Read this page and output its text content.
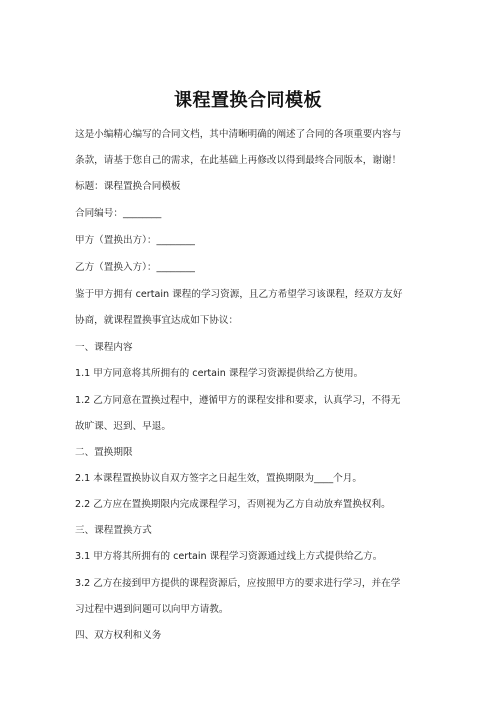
课程置换合同模板
这是小编精心编写的合同文档，其中清晰明确的阐述了合同的各项重要内容与
条款，请基于您自己的需求，在此基础上再修改以得到最终合同版本，谢谢！
标题：课程置换合同模板
合同编号：________
甲方（置换出方）：________
乙方（置换入方）：________
鉴于甲方拥有 certain 课程的学习资源，且乙方希望学习该课程，经双方友好
协商，就课程置换事宜达成如下协议：
一、课程内容
1.1 甲方同意将其所拥有的 certain 课程学习资源提供给乙方使用。
1.2 乙方同意在置换过程中，遵循甲方的课程安排和要求，认真学习，不得无
故旷课、迟到、早退。
二、置换期限
2.1 本课程置换协议自双方签字之日起生效，置换期限为____个月。
2.2 乙方应在置换期限内完成课程学习，否则视为乙方自动放弃置换权利。
三、课程置换方式
3.1 甲方将其所拥有的 certain 课程学习资源通过线上方式提供给乙方。
3.2 乙方在接到甲方提供的课程资源后，应按照甲方的要求进行学习，并在学
习过程中遇到问题可以向甲方请教。
四、双方权利和义务
